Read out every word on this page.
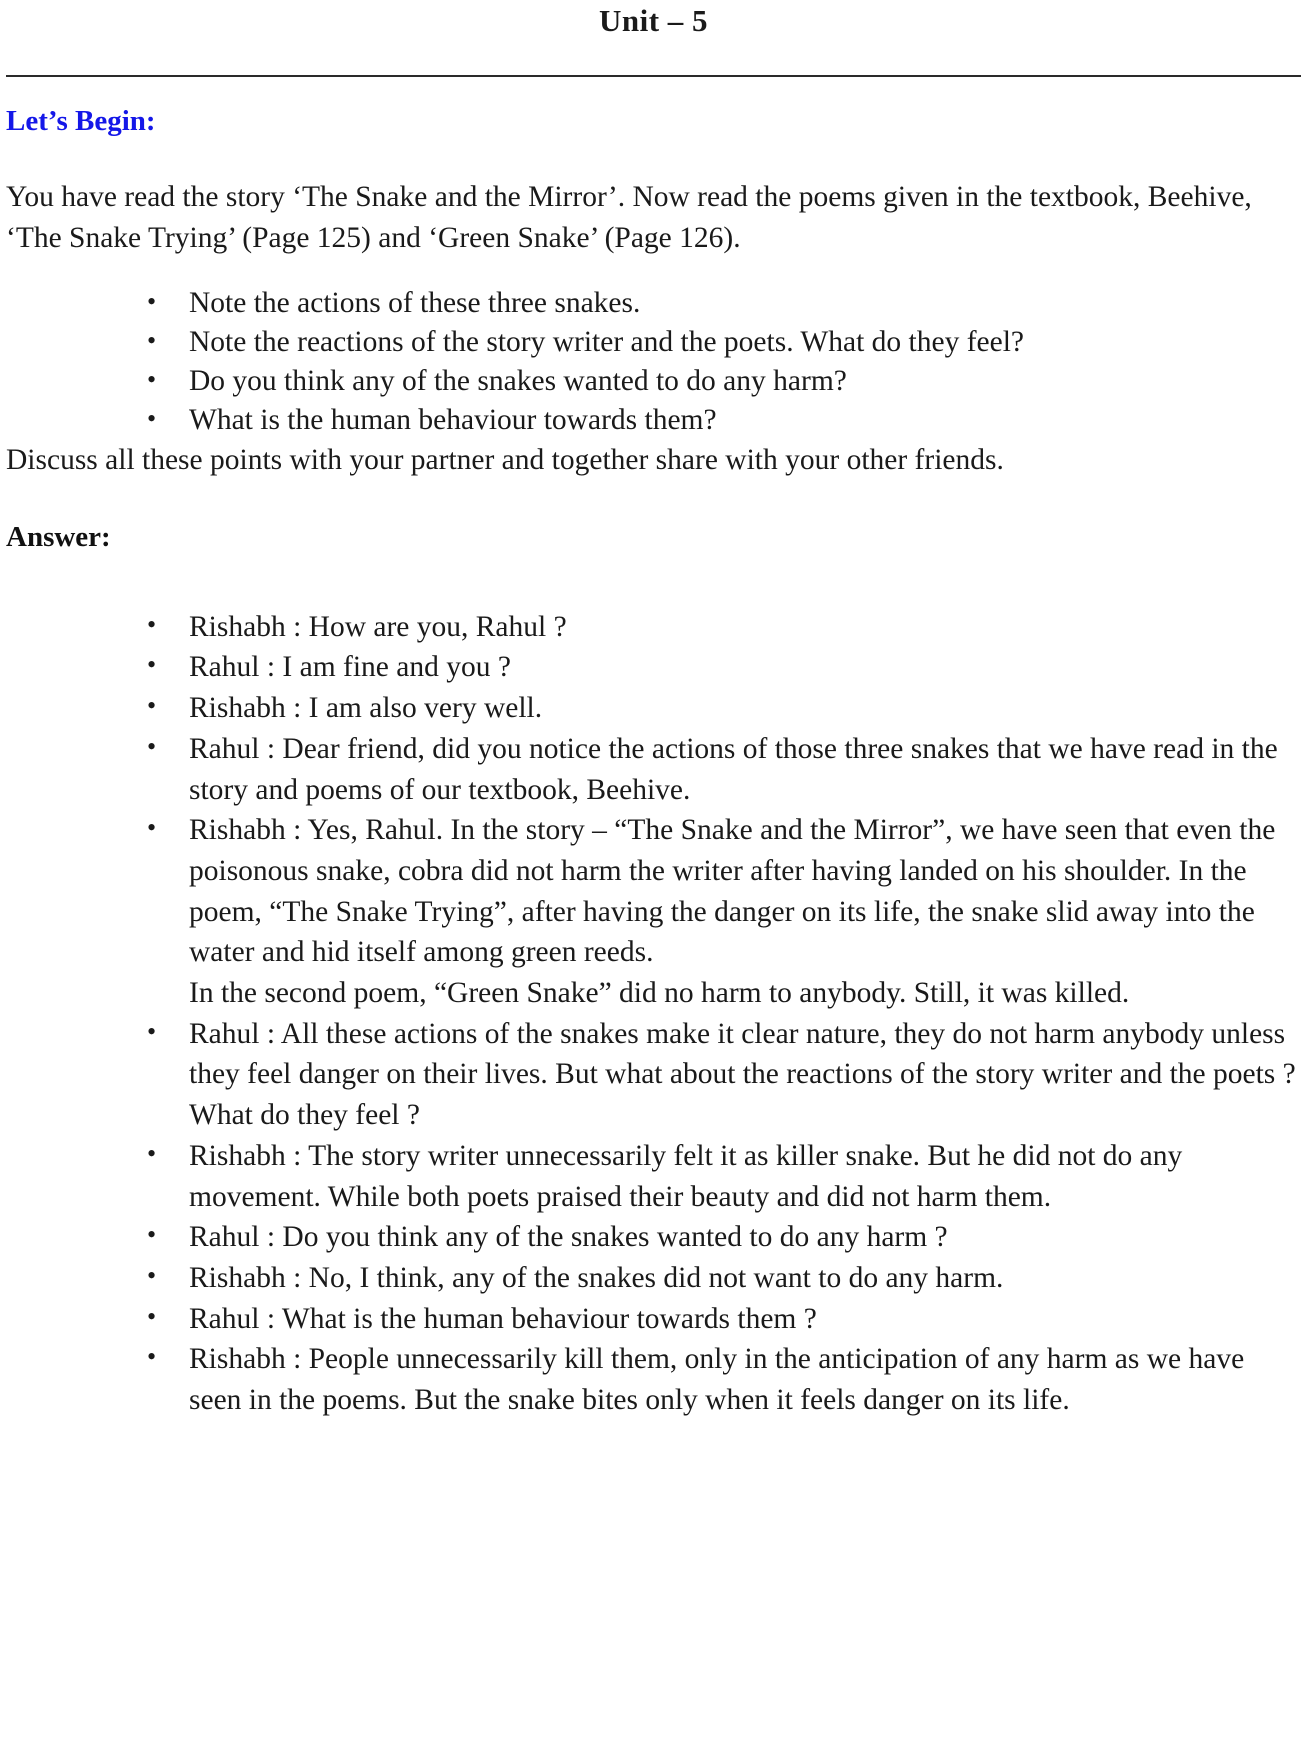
Unit – 5
Let’s Begin:

You have read the story ‘The Snake and the Mirror’. Now read the poems given in the textbook, Beehive, ‘The Snake Trying’ (Page 125) and ‘Green Snake’ (Page 126).

• Note the actions of these three snakes.
• Note the reactions of the story writer and the poets. What do they feel?
• Do you think any of the snakes wanted to do any harm?
• What is the human behaviour towards them?

Discuss all these points with your partner and together share with your other friends.

Answer:
• Rishabh : How are you, Rahul ?
• Rahul : I am fine and you ?
• Rishabh : I am also very well.
• Rahul : Dear friend, did you notice the actions of those three snakes that we have read in the story and poems of our textbook, Beehive.
• Rishabh : Yes, Rahul. In the story – “The Snake and the Mirror”, we have seen that even the poisonous snake, cobra did not harm the writer after having landed on his shoulder. In the poem, “The Snake Trying”, after having the danger on its life, the snake slid away into the water and hid itself among green reeds.
In the second poem, “Green Snake” did no harm to anybody. Still, it was killed.
• Rahul : All these actions of the snakes make it clear nature, they do not harm anybody unless they feel danger on their lives. But what about the reactions of the story writer and the poets ? What do they feel ?
• Rishabh : The story writer unnecessarily felt it as killer snake. But he did not do any movement. While both poets praised their beauty and did not harm them.
• Rahul : Do you think any of the snakes wanted to do any harm ?
• Rishabh : No, I think, any of the snakes did not want to do any harm.
• Rahul : What is the human behaviour towards them ?
• Rishabh : People unnecessarily kill them, only in the anticipation of any harm as we have seen in the poems. But the snake bites only when it feels danger on its life.
